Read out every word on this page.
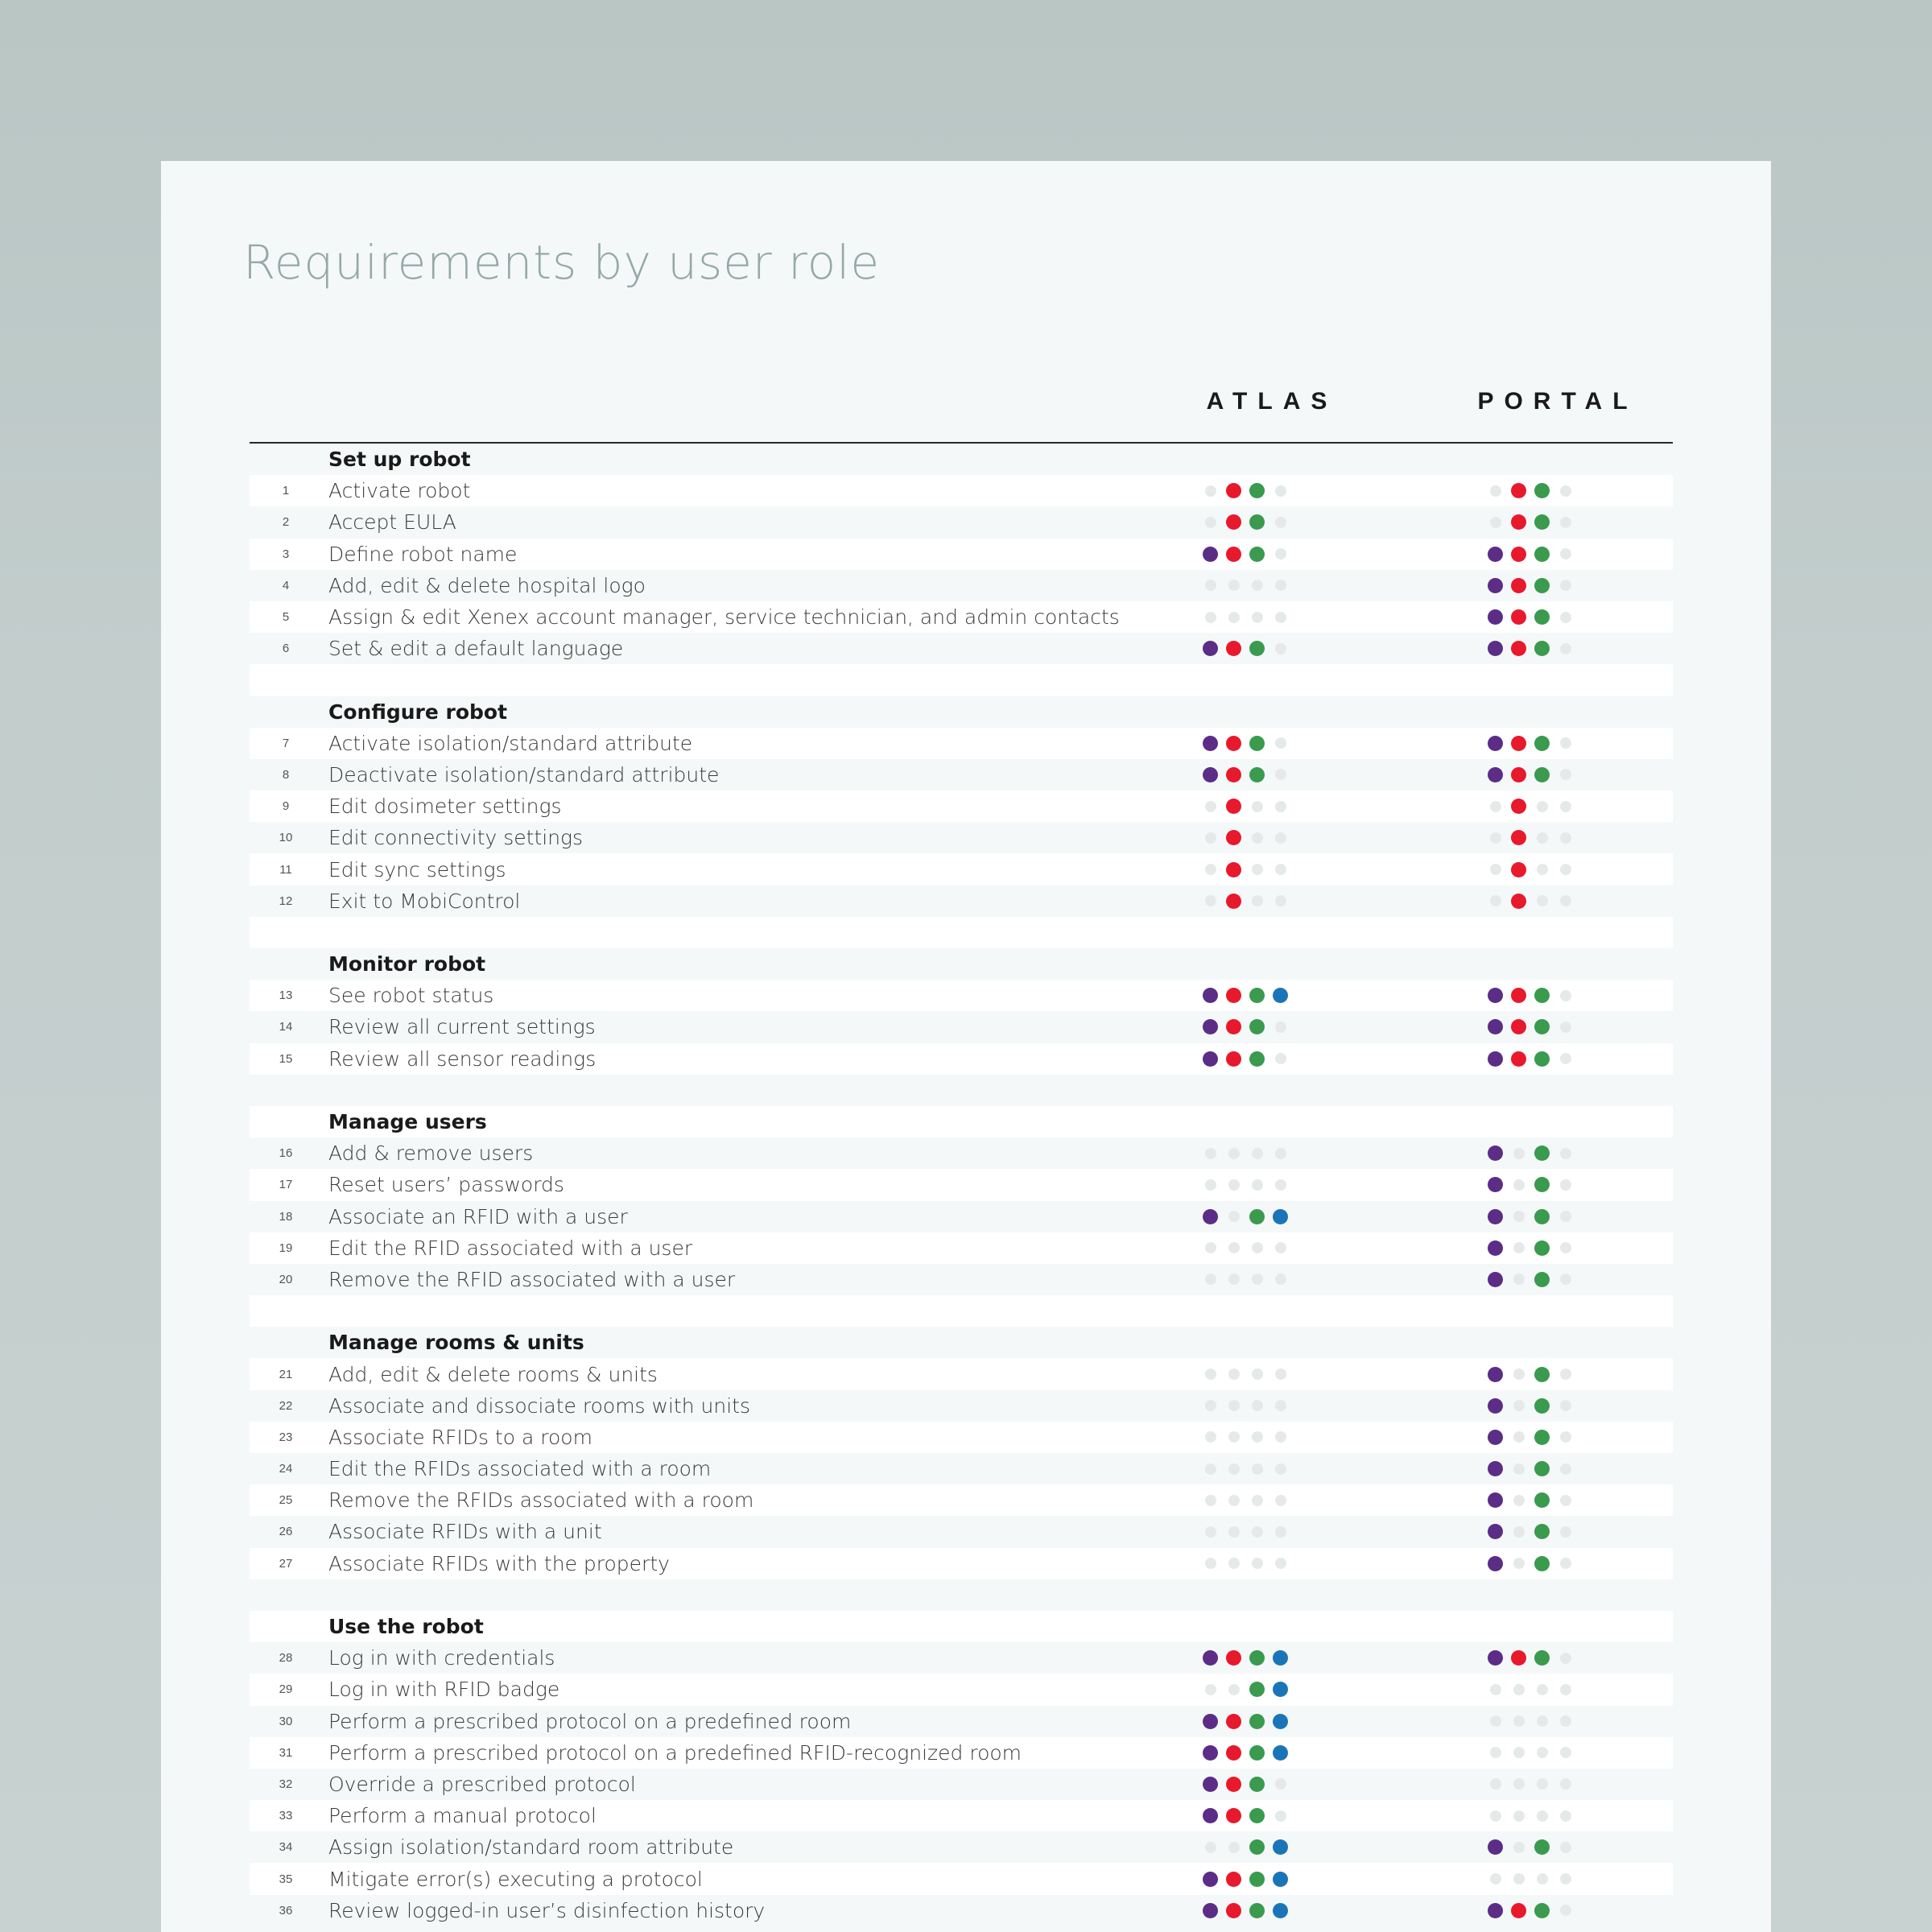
Requirements by user role
ATLAS	PORTAL
Set up robot
1	Activate robot
2	Accept EULA
3	Define robot name
4	Add, edit & delete hospital logo
5	Assign & edit Xenex account manager, service technician, and admin contacts
6	Set & edit a default language
Configure robot
7	Activate isolation/standard attribute
8	Deactivate isolation/standard attribute
9	Edit dosimeter settings
10	Edit connectivity settings
11	Edit sync settings
12	Exit to MobiControl
Monitor robot
13	See robot status
14	Review all current settings
15	Review all sensor readings
Manage users
16	Add & remove users
17	Reset users’ passwords
18	Associate an RFID with a user
19	Edit the RFID associated with a user
20	Remove the RFID associated with a user
Manage rooms & units
21	Add, edit & delete rooms & units
22	Associate and dissociate rooms with units
23	Associate RFIDs to a room
24	Edit the RFIDs associated with a room
25	Remove the RFIDs associated with a room
26	Associate RFIDs with a unit
27	Associate RFIDs with the property
Use the robot
28	Log in with credentials
29	Log in with RFID badge
30	Perform a prescribed protocol on a predefined room
31	Perform a prescribed protocol on a predefined RFID-recognized room
32	Override a prescribed protocol
33	Perform a manual protocol
34	Assign isolation/standard room attribute
35	Mitigate error(s) executing a protocol
36	Review logged-in user’s disinfection history
